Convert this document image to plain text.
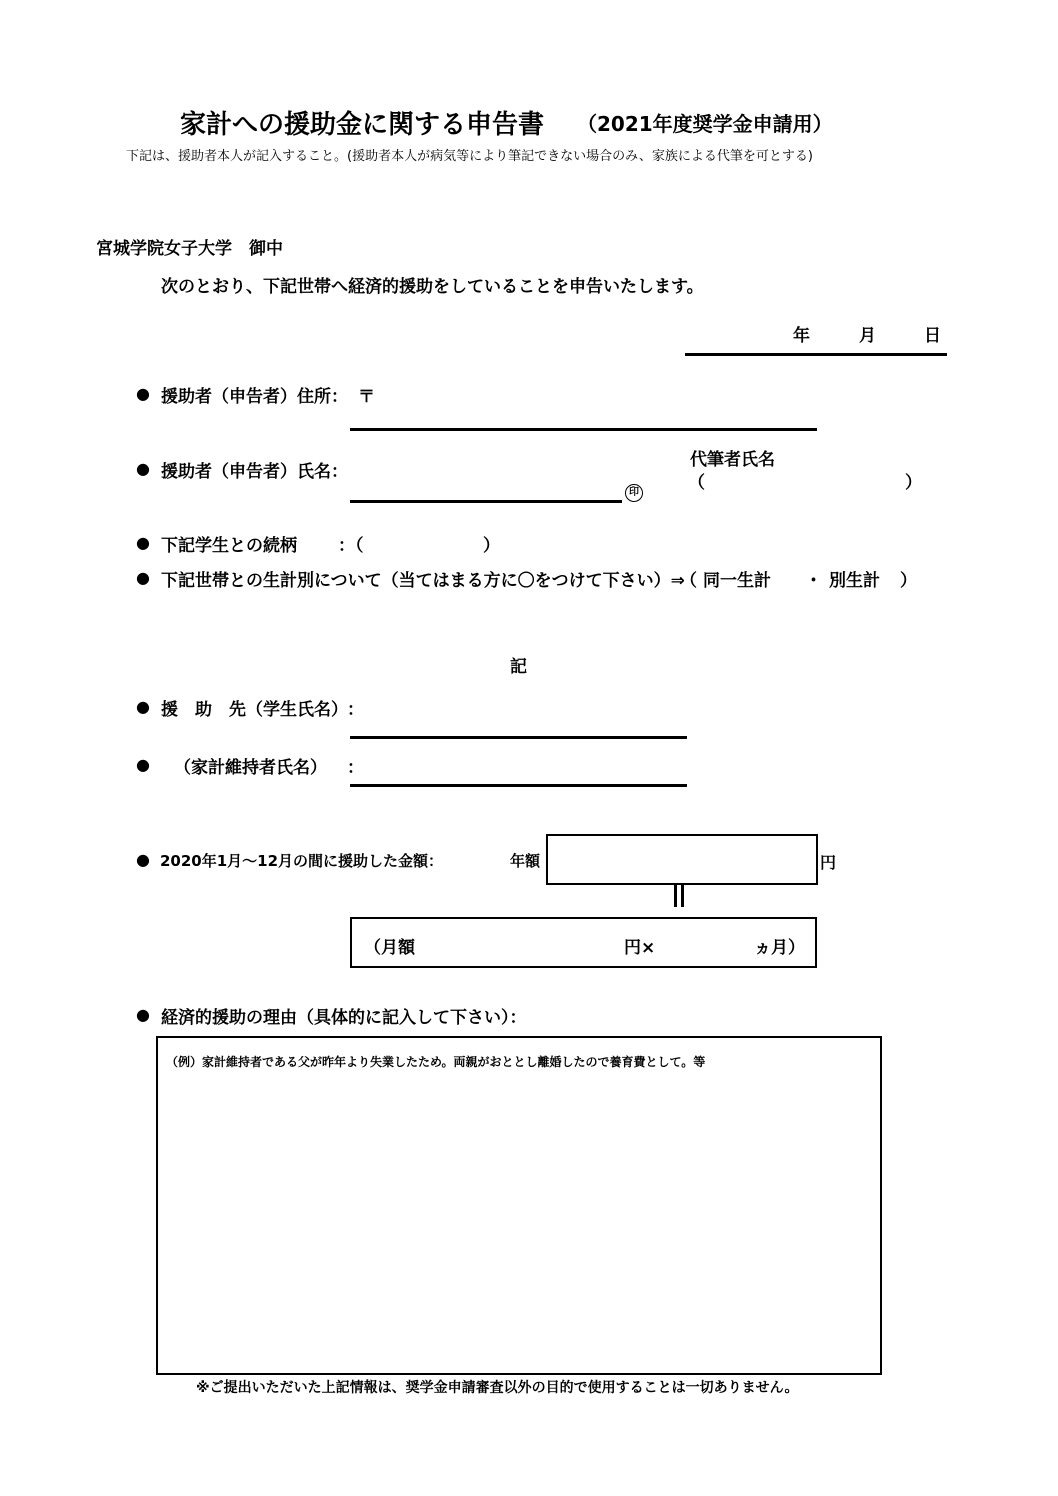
家計への援助金に関する申告書 （2021年度奨学金申請用）
下記は、援助者本人が記入すること。(援助者本人が病気等により筆記できない場合のみ、家族による代筆を可とする)
宮城学院女子大学　御中
次のとおり、下記世帯へ経済的援助をしていることを申告いたします。
年	月	日
● 援助者（申告者）住所： 〒
● 援助者（申告者）氏名：
印
代筆者氏名
（	）
● 下記学生との続柄 ：（	）
● 下記世帯との生計別について（当てはまる方に〇をつけて下さい）⇒
（ 同一生計 ・ 別生計 ）
記
● 援　助　先（学生氏名） ：
● （家計維持者氏名） ：
● 2020年1月～12月の間に援助した金額：	年額	円
（月額	円×	ヵ月）
● 経済的援助の理由（具体的に記入して下さい）：
（例）家計維持者である父が昨年より失業したため。両親がおととし離婚したので養育費として。等
※ご提出いただいた上記情報は、奨学金申請審査以外の目的で使用することは一切ありません。
